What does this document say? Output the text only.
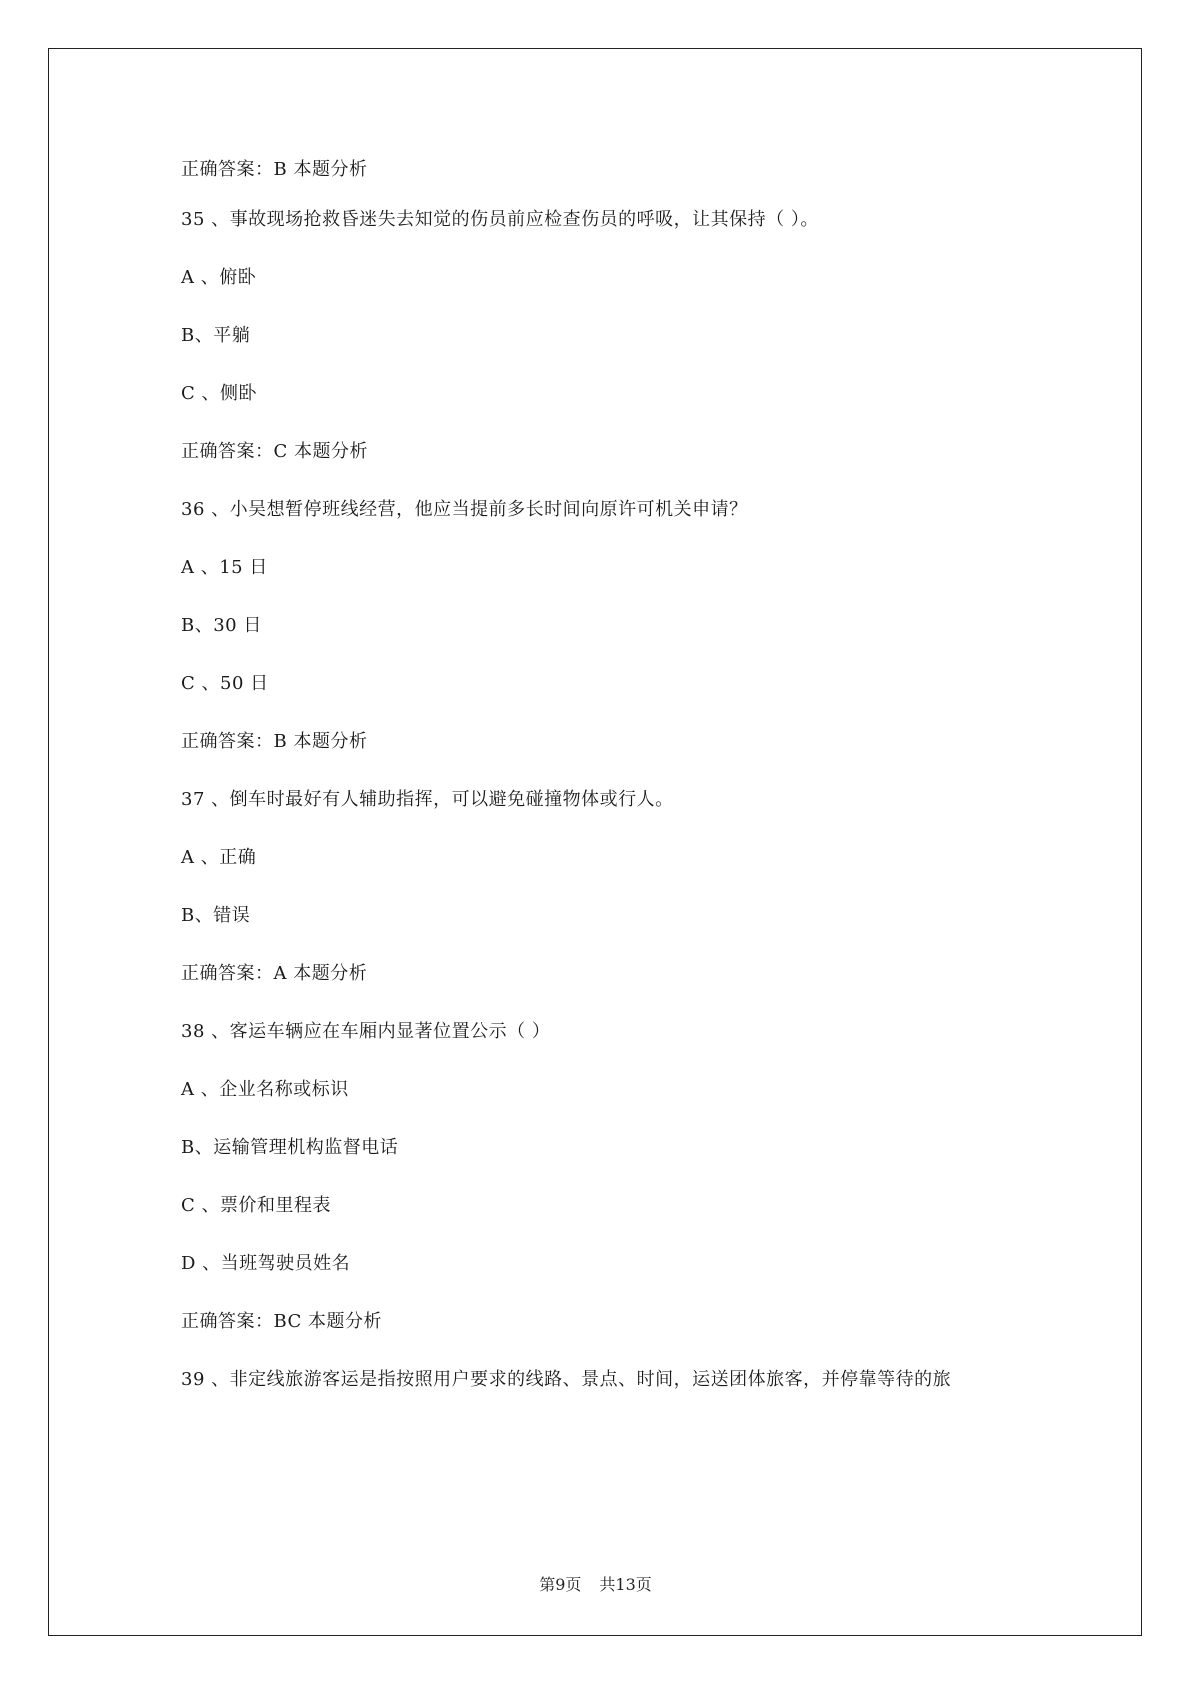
正确答案：B 本题分析
35 、事故现场抢救昏迷失去知觉的伤员前应检查伤员的呼吸，让其保持（ ）。
A 、俯卧
B、平躺
C 、侧卧
正确答案：C 本题分析
36 、小吴想暂停班线经营，他应当提前多长时间向原许可机关申请？
A 、15 日
B、30 日
C 、50 日
正确答案：B 本题分析
37 、倒车时最好有人辅助指挥，可以避免碰撞物体或行人。
A 、正确
B、错误
正确答案：A 本题分析
38 、客运车辆应在车厢内显著位置公示（ ）
A 、企业名称或标识
B、运输管理机构监督电话
C 、票价和里程表
D 、当班驾驶员姓名
正确答案：BC 本题分析
39 、非定线旅游客运是指按照用户要求的线路、景点、时间，运送团体旅客，并停靠等待的旅
第9页 共13页
